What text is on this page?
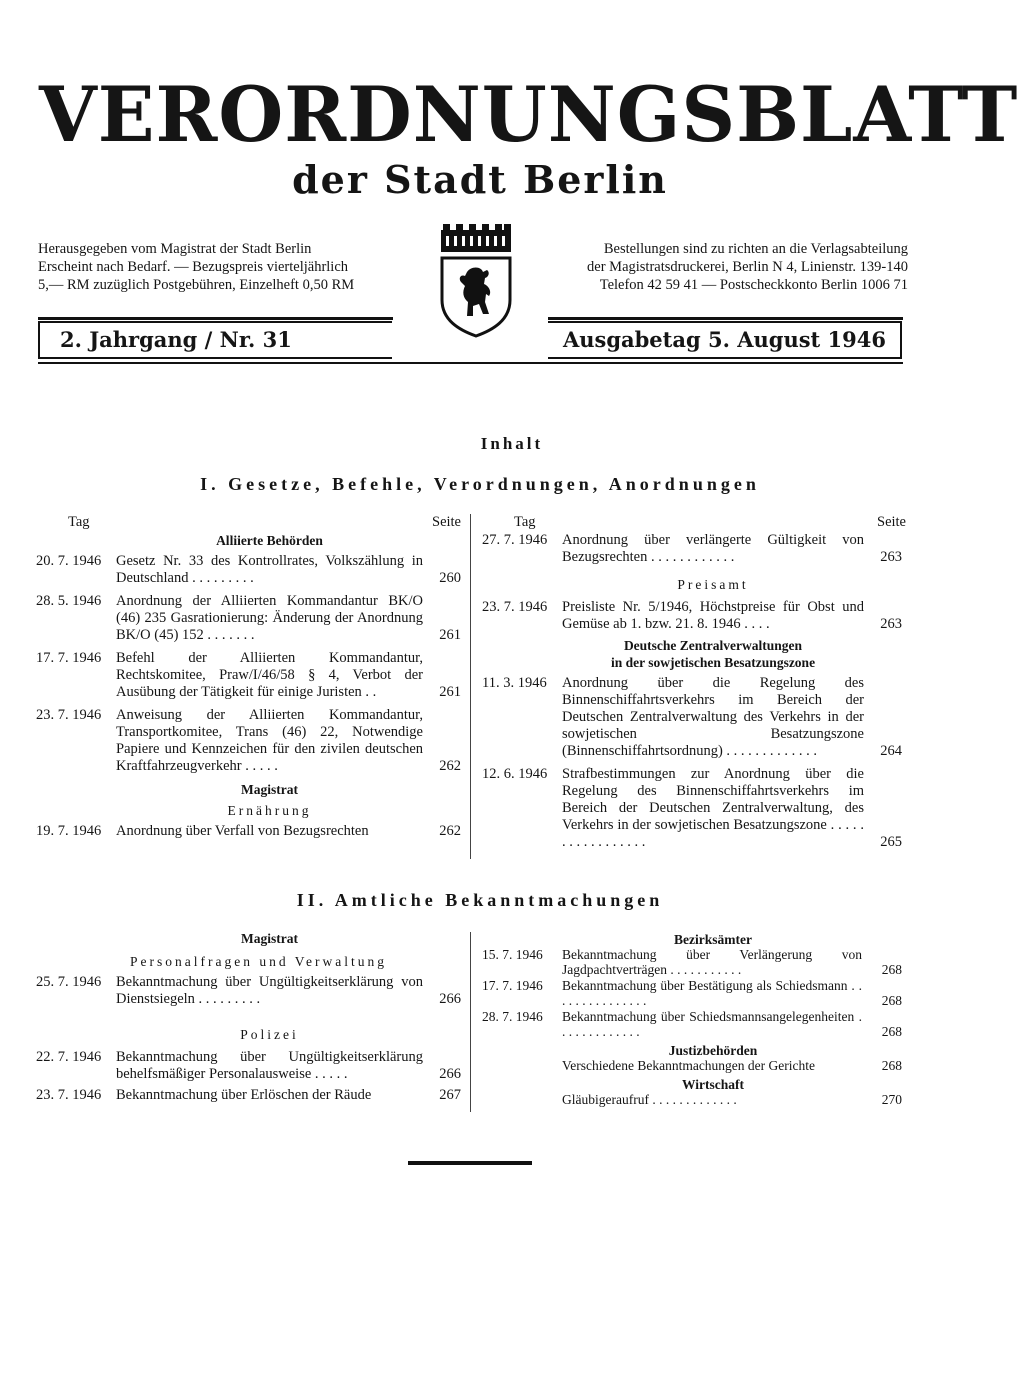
VERORDNUNGSBLATT
der Stadt Berlin
Herausgegeben vom Magistrat der Stadt Berlin
Erscheint nach Bedarf. — Bezugspreis vierteljährlich
5,— RM zuzüglich Postgebühren, Einzelheft 0,50 RM
Bestellungen sind zu richten an die Verlagsabteilung
der Magistratsdruckerei, Berlin N 4, Linienstr. 139-140
Telefon 42 59 41 — Postscheckkonto Berlin 1006 71
2. Jahrgang / Nr. 31	Ausgabetag 5. August 1946
Inhalt
I. Gesetze, Befehle, Verordnungen, Anordnungen
Tag	Seite
Alliierte Behörden
20. 7. 1946	Gesetz Nr. 33 des Kontrollrates, Volkszählung in Deutschland . . . . . . . . .	260
28. 5. 1946	Anordnung der Alliierten Kommandantur BK/O (46) 235 Gasrationierung: Änderung der Anordnung BK/O (45) 152 . . . . . . .	261
17. 7. 1946	Befehl der Alliierten Kommandantur, Rechtskomitee, Praw/I/46/58 § 4, Verbot der Ausübung der Tätigkeit für einige Juristen . .	261
23. 7. 1946	Anweisung der Alliierten Kommandantur, Transportkomitee, Trans (46) 22, Notwendige Papiere und Kennzeichen für den zivilen deutschen Kraftfahrzeugverkehr . . . . .	262
Magistrat
Ernährung
19. 7. 1946	Anordnung über Verfall von Bezugsrechten	262
Tag	Seite
27. 7. 1946	Anordnung über verlängerte Gültigkeit von Bezugsrechten . . . . . . . . . . . .	263
Preisamt
23. 7. 1946	Preisliste Nr. 5/1946, Höchstpreise für Obst und Gemüse ab 1. bzw. 21. 8. 1946 . . . .	263
Deutsche Zentralverwaltungen
in der sowjetischen Besatzungszone
11. 3. 1946	Anordnung über die Regelung des Binnenschiffahrtsverkehrs im Bereich der Deutschen Zentralverwaltung des Verkehrs in der sowjetischen Besatzungszone (Binnenschiffahrtsordnung) . . . . . . . . . . . . .	264
12. 6. 1946	Strafbestimmungen zur Anordnung über die Regelung des Binnenschiffahrtsverkehrs im Bereich der Deutschen Zentralverwaltung, des Verkehrs in der sowjetischen Besatzungszone . . . . . . . . . . . . . . . . .	265
II. Amtliche Bekanntmachungen
Magistrat
Personalfragen und Verwaltung
25. 7. 1946	Bekanntmachung über Ungültigkeitserklärung von Dienstsiegeln . . . . . . . . .	266
Polizei
22. 7. 1946	Bekanntmachung über Ungültigkeitserklärung behelfsmäßiger Personalausweise . . . . .	266
23. 7. 1946	Bekanntmachung über Erlöschen der Räude	267
Bezirksämter
15. 7. 1946	Bekanntmachung über Verlängerung von Jagdpachtverträgen . . . . . . . . . . .	268
17. 7. 1946	Bekanntmachung über Bestätigung als Schiedsmann . . . . . . . . . . . . . . .	268
28. 7. 1946	Bekanntmachung über Schiedsmannsangelegenheiten . . . . . . . . . . . . .	268
Justizbehörden
Verschiedene Bekanntmachungen der Gerichte	268
Wirtschaft
Gläubigeraufruf . . . . . . . . . . . . .	270
